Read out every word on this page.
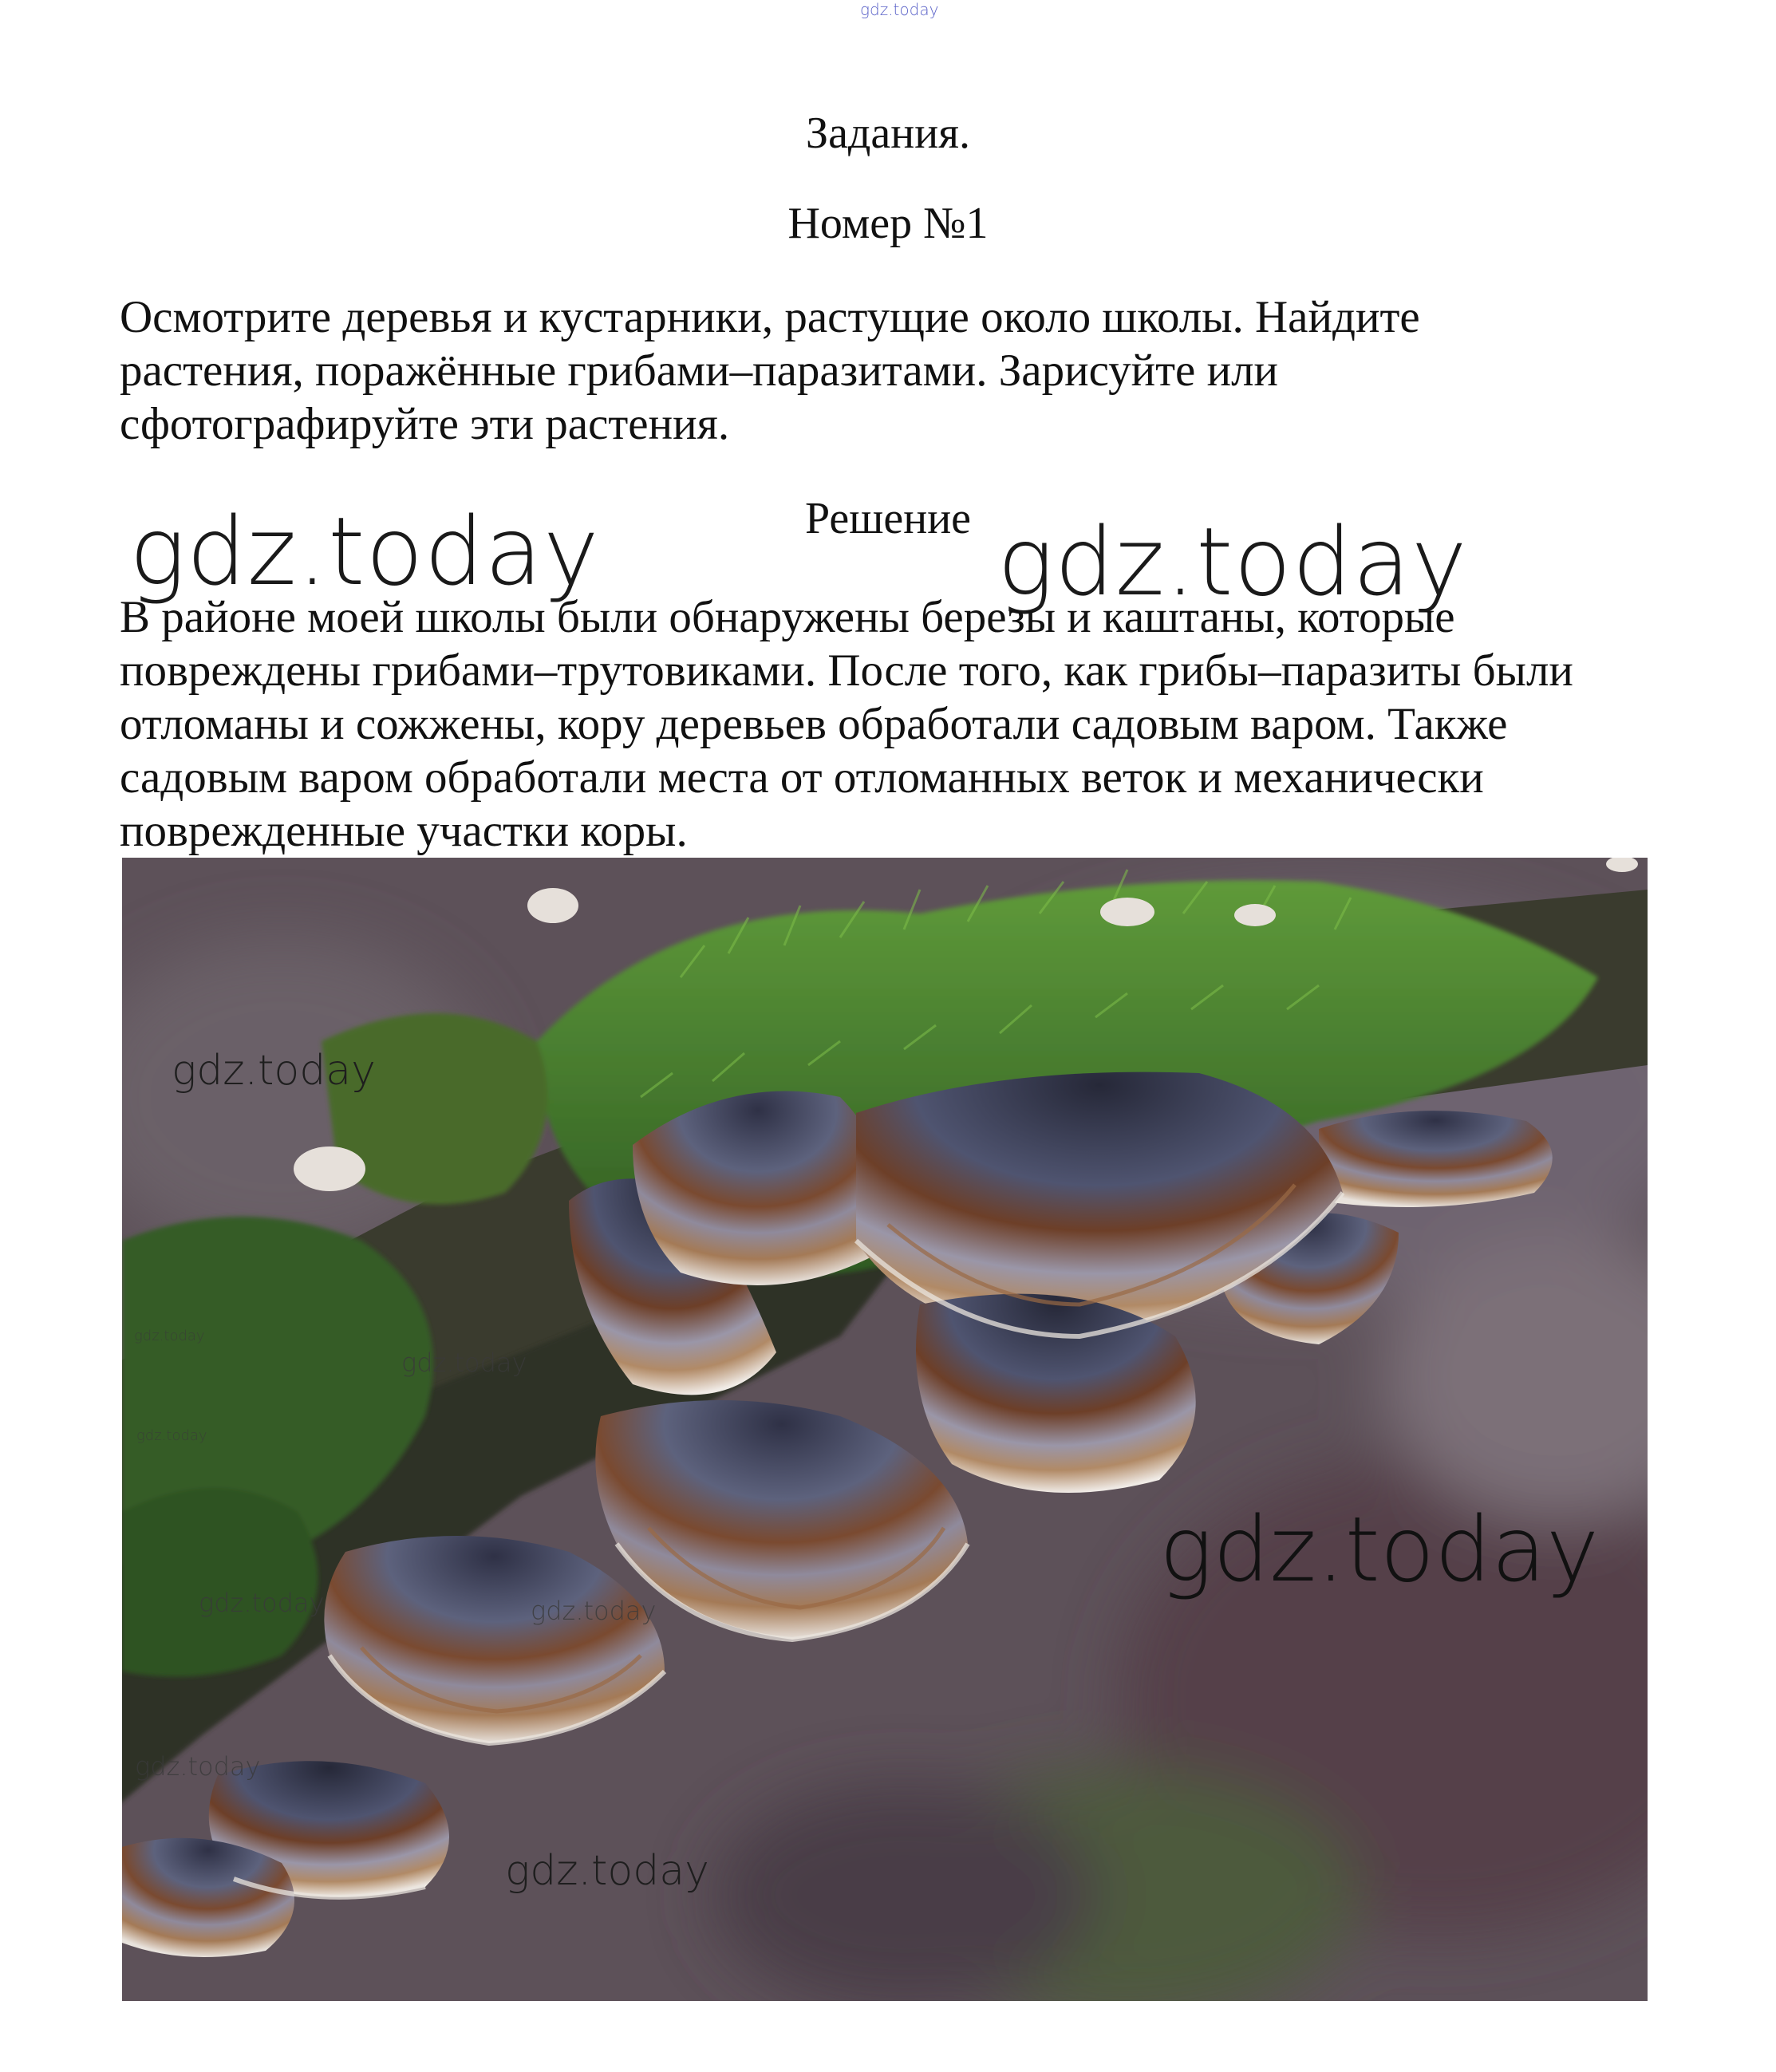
gdz.today
Задания.
Номер №1
Осмотрите деревья и кустарники, растущие около школы. Найдите
растения, поражённые грибами–паразитами. Зарисуйте или
сфотографируйте эти растения.
Решение
gdz.today	gdz.today
В районе моей школы были обнаружены березы и каштаны, которые
повреждены грибами–трутовиками. После того, как грибы–паразиты были
отломаны и сожжены, кору деревьев обработали садовым варом. Также
садовым варом обработали места от отломанных веток и механически
поврежденные участки коры.
gdz.today
gdz.today
gdz.today
gdz.today
gdz.today
gdz.today	gdz.today
gdz.today
gdz.today
